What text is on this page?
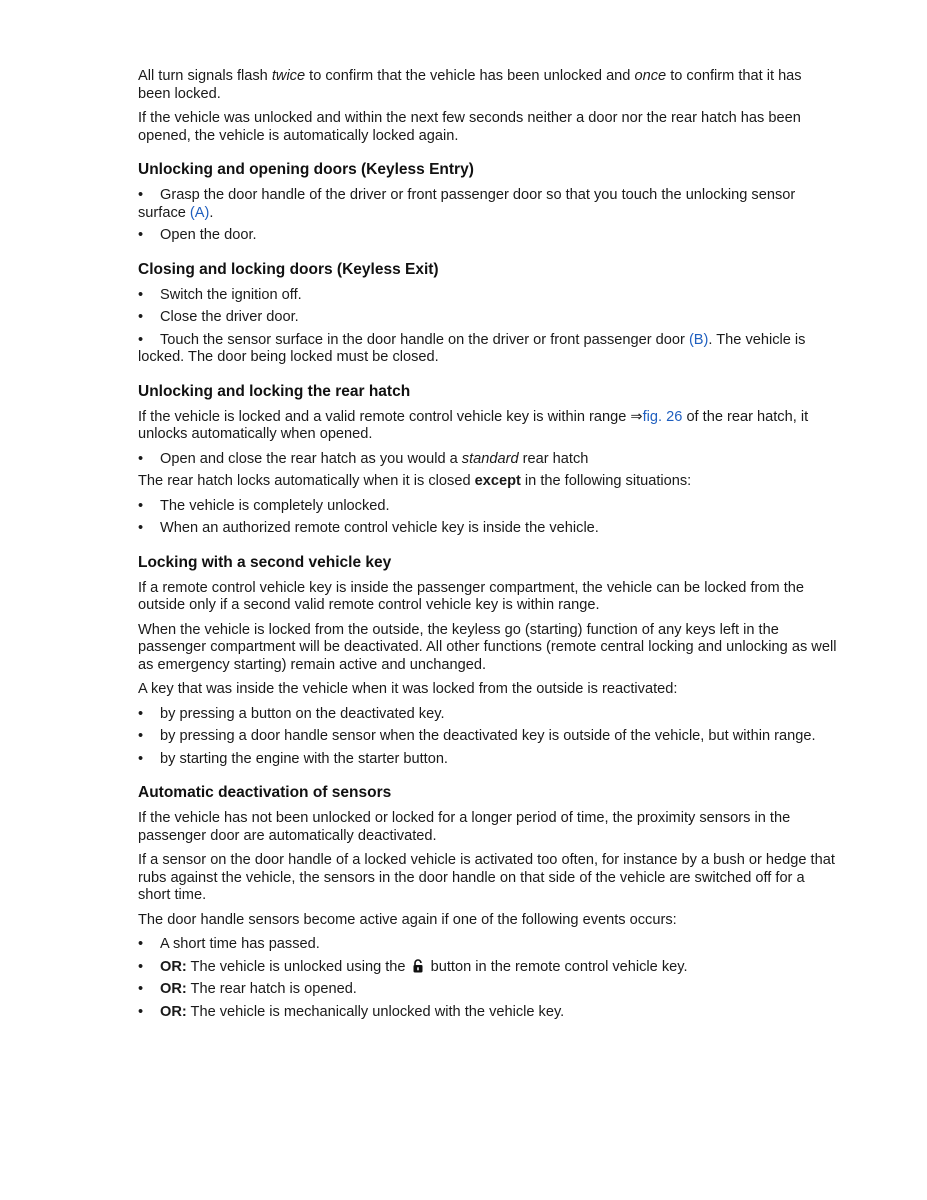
All turn signals flash twice to confirm that the vehicle has been unlocked and once to confirm that it has been locked.

If the vehicle was unlocked and within the next few seconds neither a door nor the rear hatch has been opened, the vehicle is automatically locked again.

Unlocking and opening doors (Keyless Entry)

• Grasp the door handle of the driver or front passenger door so that you touch the unlocking sensor surface (A).

• Open the door.

Closing and locking doors (Keyless Exit)

• Switch the ignition off.

• Close the driver door.

• Touch the sensor surface in the door handle on the driver or front passenger door (B). The vehicle is locked. The door being locked must be closed.

Unlocking and locking the rear hatch

If the vehicle is locked and a valid remote control vehicle key is within range ⇒fig. 26 of the rear hatch, it unlocks automatically when opened.

• Open and close the rear hatch as you would a standard rear hatch

The rear hatch locks automatically when it is closed except in the following situations:

• The vehicle is completely unlocked.

• When an authorized remote control vehicle key is inside the vehicle.

Locking with a second vehicle key

If a remote control vehicle key is inside the passenger compartment, the vehicle can be locked from the outside only if a second valid remote control vehicle key is within range.

When the vehicle is locked from the outside, the keyless go (starting) function of any keys left in the passenger compartment will be deactivated. All other functions (remote central locking and unlocking as well as emergency starting) remain active and unchanged.

A key that was inside the vehicle when it was locked from the outside is reactivated:

• by pressing a button on the deactivated key.

• by pressing a door handle sensor when the deactivated key is outside of the vehicle, but within range.

• by starting the engine with the starter button.

Automatic deactivation of sensors

If the vehicle has not been unlocked or locked for a longer period of time, the proximity sensors in the passenger door are automatically deactivated.

If a sensor on the door handle of a locked vehicle is activated too often, for instance by a bush or hedge that rubs against the vehicle, the sensors in the door handle on that side of the vehicle are switched off for a short time.

The door handle sensors become active again if one of the following events occurs:

• A short time has passed.

• OR: The vehicle is unlocked using the  button in the remote control vehicle key.

• OR: The rear hatch is opened.

• OR: The vehicle is mechanically unlocked with the vehicle key.
